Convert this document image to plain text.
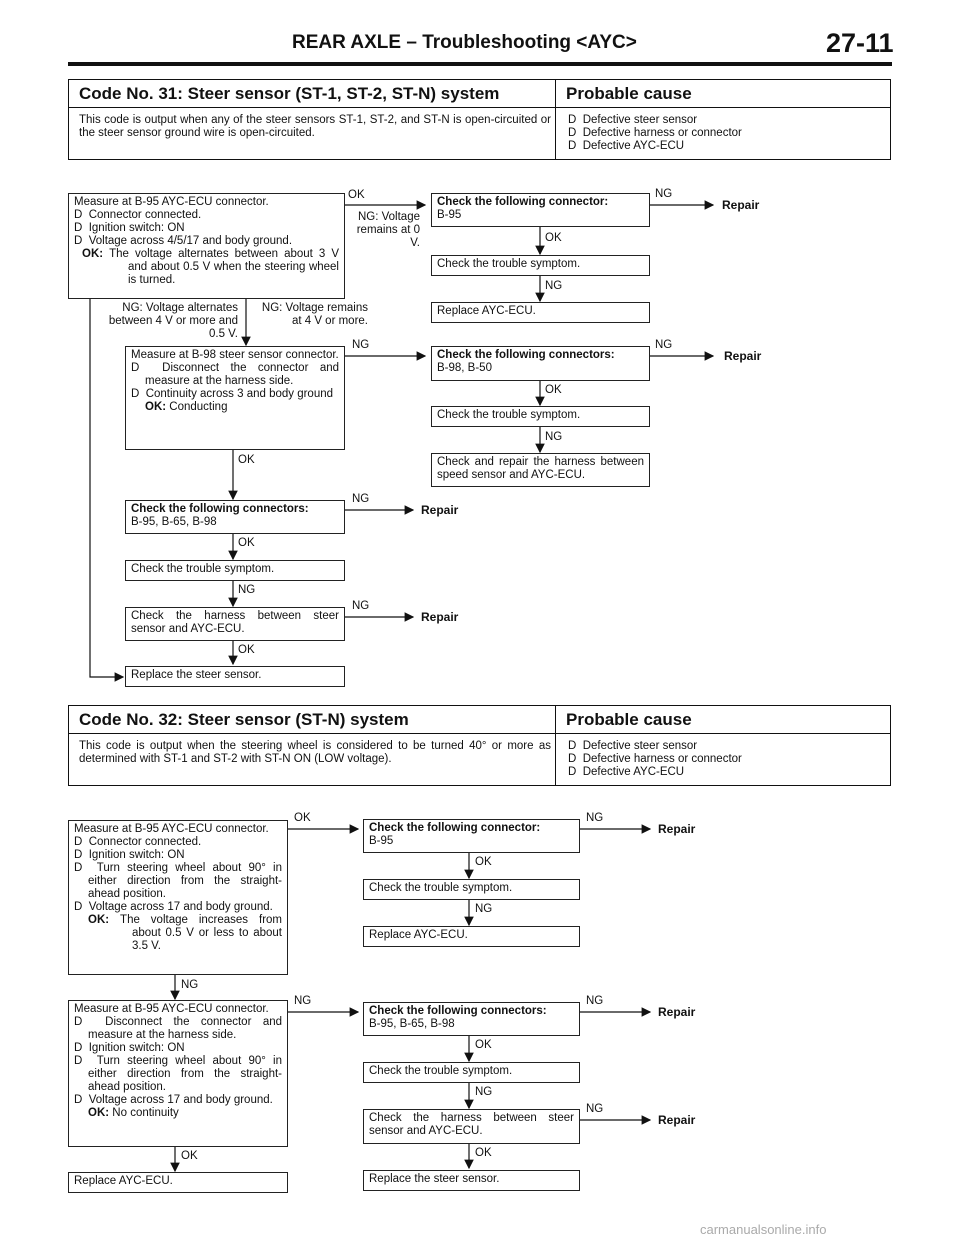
REAR AXLE – Troubleshooting <AYC>	27-11
Code No. 31: Steer sensor (ST-1, ST-2, ST-N) system	Probable cause
This code is output when any of the steer sensors ST-1, ST-2, and ST-N is open-circuited or the steer sensor ground wire is open-circuited.
D Defective steer sensor
D Defective harness or connector
D Defective AYC-ECU
Measure at B-95 AYC-ECU connector.
D Connector connected.
D Ignition switch: ON
D Voltage across 4/5/17 and body ground.
OK: The voltage alternates between about 3 V and about 0.5 V when the steering wheel is turned.
OK
NG: Voltage remains at 0 V.
Check the following connector:
B-95
NG
Repair
OK
Check the trouble symptom.
NG
Replace AYC-ECU.
NG: Voltage alternates between 4 V or more and 0.5 V.
NG: Voltage remains at 4 V or more.
Measure at B-98 steer sensor connector.
D Disconnect the connector and measure at the harness side.
D Continuity across 3 and body ground
OK: Conducting
NG
Check the following connectors:
B-98, B-50
NG
Repair
OK
Check the trouble symptom.
NG
Check and repair the harness between speed sensor and AYC-ECU.
OK
Check the following connectors:
B-95, B-65, B-98
NG
Repair
OK
Check the trouble symptom.
NG
Check the harness between steer sensor and AYC-ECU.
NG
Repair
OK
Replace the steer sensor.
Code No. 32: Steer sensor (ST-N) system	Probable cause
This code is output when the steering wheel is considered to be turned 40° or more as determined with ST-1 and ST-2 with ST-N ON (LOW voltage).
D Defective steer sensor
D Defective harness or connector
D Defective AYC-ECU
Measure at B-95 AYC-ECU connector.
D Connector connected.
D Ignition switch: ON
D Turn steering wheel about 90° in either direction from the straight-ahead position.
D Voltage across 17 and body ground.
OK: The voltage increases from about 0.5 V or less to about 3.5 V.
OK
Check the following connector:
B-95
NG
Repair
OK
Check the trouble symptom.
NG
Replace AYC-ECU.
NG
Measure at B-95 AYC-ECU connector.
D Disconnect the connector and measure at the harness side.
D Ignition switch: ON
D Turn steering wheel about 90° in either direction from the straight-ahead position.
D Voltage across 17 and body ground.
OK: No continuity
NG
Check the following connectors:
B-95, B-65, B-98
NG
Repair
OK
Check the trouble symptom.
NG
Check the harness between steer sensor and AYC-ECU.
NG
Repair
OK
Replace the steer sensor.
OK
Replace AYC-ECU.
carmanualsonline.info
